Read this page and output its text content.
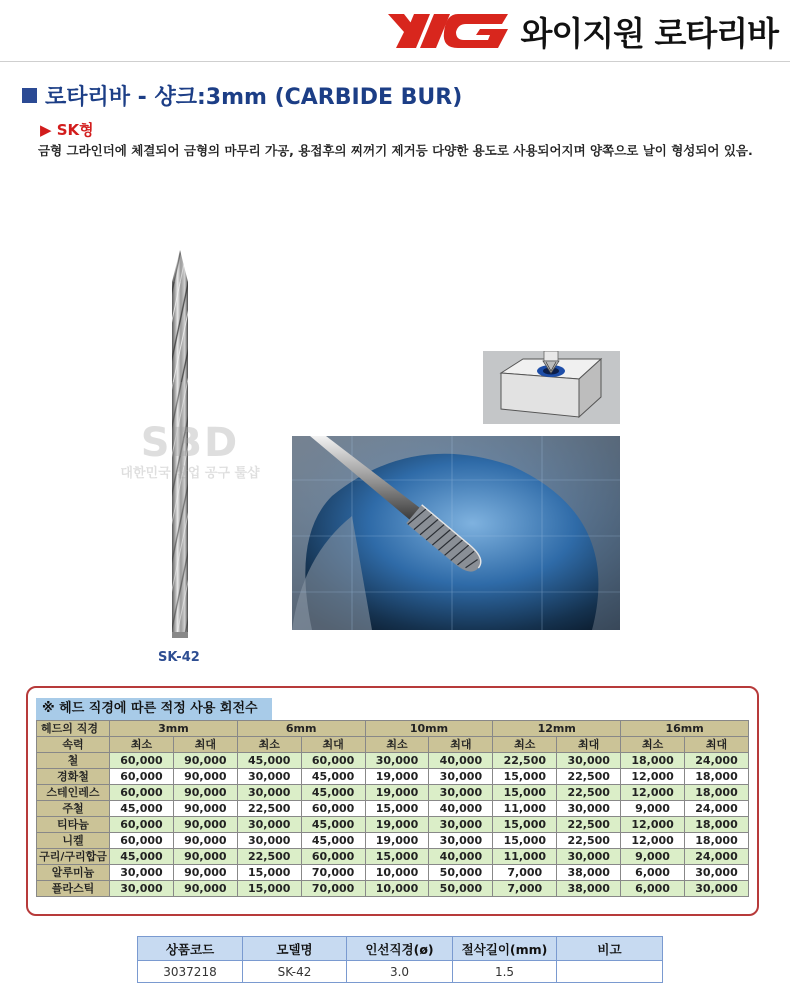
와이지원 로타리바
로타리바 - 샹크:3mm (CARBIDE BUR)
▶ SK형
금형 그라인더에 체결되어 금형의 마무리 가공, 용접후의 찌꺼기 제거등 다양한 용도로 사용되어지며 양쪽으로 날이 형성되어 있음.
SBD
대한민국 산업 공구 툴샵
SK-42
※ 헤드 직경에 따른 적정 사용 회전수
헤드의 직경	3mm		6mm		10mm		12mm		16mm	
속력	최소	최대	최소	최대	최소	최대	최소	최대	최소	최대
철	60,000	90,000	45,000	60,000	30,000	40,000	22,500	30,000	18,000	24,000
경화철	60,000	90,000	30,000	45,000	19,000	30,000	15,000	22,500	12,000	18,000
스테인레스	60,000	90,000	30,000	45,000	19,000	30,000	15,000	22,500	12,000	18,000
주철	45,000	90,000	22,500	60,000	15,000	40,000	11,000	30,000	9,000	24,000
티타늄	60,000	90,000	30,000	45,000	19,000	30,000	15,000	22,500	12,000	18,000
니켈	60,000	90,000	30,000	45,000	19,000	30,000	15,000	22,500	12,000	18,000
구리/구리합금	45,000	90,000	22,500	60,000	15,000	40,000	11,000	30,000	9,000	24,000
알루미늄	30,000	90,000	15,000	70,000	10,000	50,000	7,000	38,000	6,000	30,000
플라스틱	30,000	90,000	15,000	70,000	10,000	50,000	7,000	38,000	6,000	30,000
상품코드	모델명	인선직경(ø)	절삭길이(mm)	비고
3037218	SK-42	3.0	1.5	
